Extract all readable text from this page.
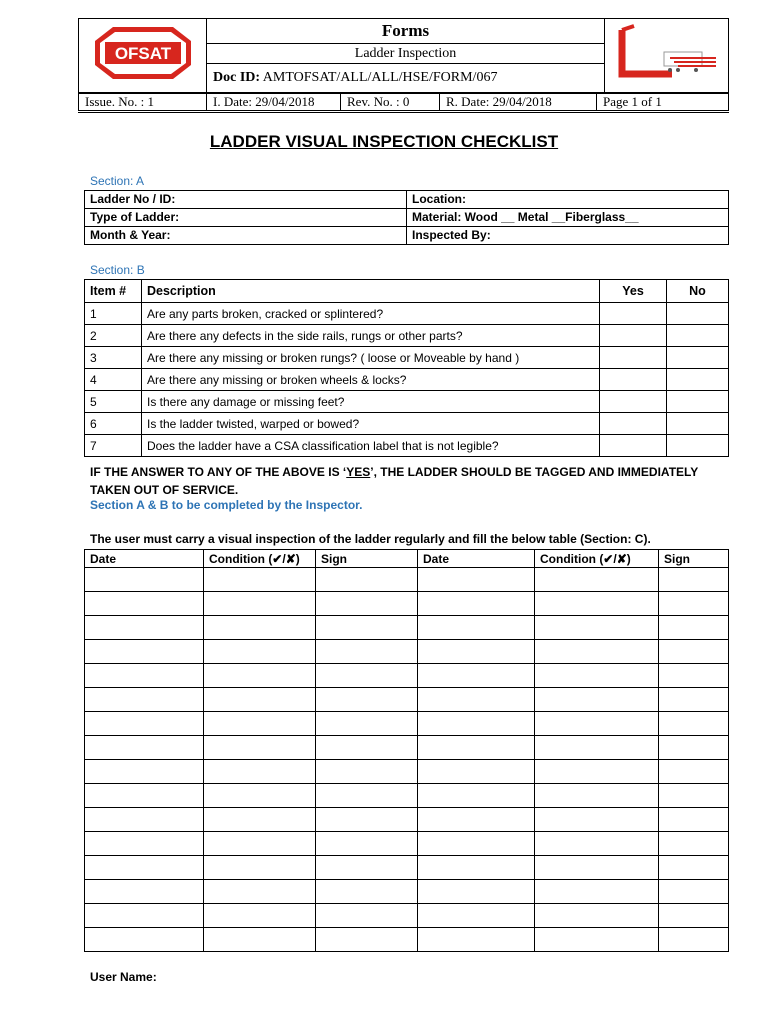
OFSAT
	Forms	
Ladder Inspection
Doc ID: AMTOFSAT/ALL/ALL/HSE/FORM/067
Issue. No. : 1	I. Date: 29/04/2018	Rev. No. : 0	R. Date: 29/04/2018	Page 1 of 1
LADDER VISUAL INSPECTION CHECKLIST
Section: A
Ladder No / ID:	Location:
Type of Ladder:	Material: Wood __ Metal __Fiberglass__
Month & Year:	Inspected By:
Section: B
Item #	Description	Yes	No
1	Are any parts broken, cracked or splintered?		
2	Are there any defects in the side rails, rungs or other parts?		
3	Are there any missing or broken rungs? ( loose or Moveable by hand )		
4	Are there any missing or broken wheels & locks?		
5	Is there any damage or missing feet?		
6	Is the ladder twisted, warped or bowed?		
7	Does the ladder have a CSA classification label that is not legible?		
IF THE ANSWER TO ANY OF THE ABOVE IS ‘YES’, THE LADDER SHOULD BE TAGGED AND IMMEDIATELY TAKEN OUT OF SERVICE.
Section A & B to be completed by the Inspector.
The user must carry a visual inspection of the ladder regularly and fill the below table (Section: C).
Date	Condition (✔/✘)	Sign	Date	Condition (✔/✘)	Sign

User Name:
